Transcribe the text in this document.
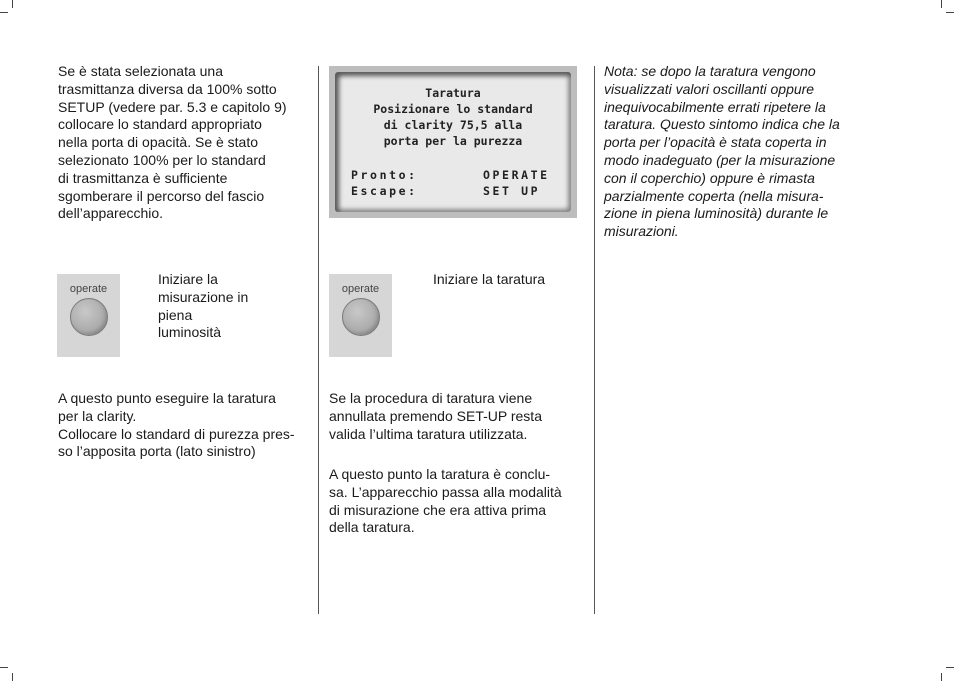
Se è stata selezionata una
trasmittanza diversa da 100% sotto
SETUP (vedere par. 5.3 e capitolo 9)
collocare lo standard appropriato
nella porta di opacità. Se è stato
selezionato 100% per lo standard
di trasmittanza è sufficiente
sgomberare il percorso del fascio
dell’apparecchio.

operate

Iniziare la
misurazione in
piena
luminosità

A questo punto eseguire la taratura
per la clarity.
Collocare lo standard di purezza pres-
so l’apposita porta (lato sinistro)

Taratura
Posizionare lo standard
di clarity 75,5 alla
porta per la purezza
Pronto:	OPERATE
Escape:	SET UP
operate

Iniziare la taratura

Se la procedura di taratura viene
annullata premendo SET-UP resta
valida l’ultima taratura utilizzata.

A questo punto la taratura è conclu-
sa. L’apparecchio passa alla modalità
di misurazione che era attiva prima
della taratura.

Nota: se dopo la taratura vengono
visualizzati valori oscillanti oppure
inequivocabilmente errati ripetere la
taratura. Questo sintomo indica che la
porta per l’opacità è stata coperta in
modo inadeguato (per la misurazione
con il coperchio) oppure è rimasta
parzialmente coperta (nella misura-
zione in piena luminosità) durante le
misurazioni.
